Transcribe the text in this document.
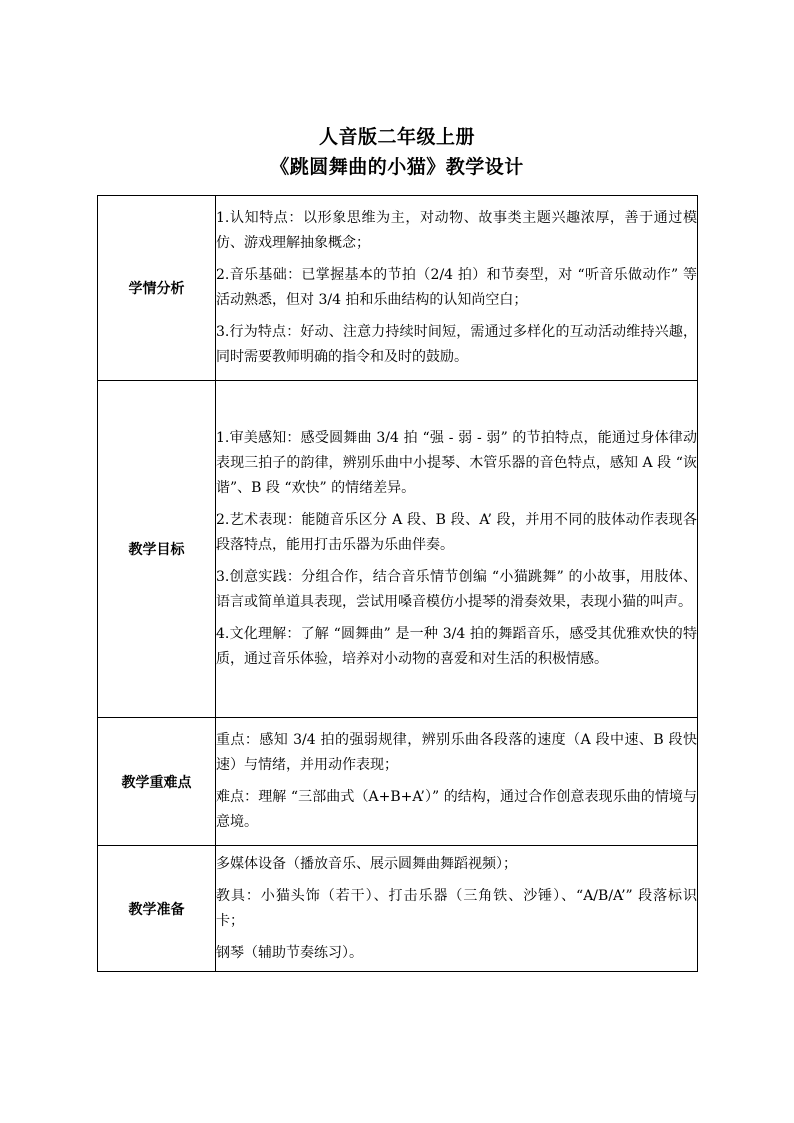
人音版二年级上册
《跳圆舞曲的小猫》教学设计
学情分析	1.认知特点：以形象思维为主，对动物、故事类主题兴趣浓厚，善于通过模仿、游戏理解抽象概念；

2.音乐基础：已掌握基本的节拍（2/4 拍）和节奏型，对 “听音乐做动作” 等活动熟悉，但对 3/4 拍和乐曲结构的认知尚空白；

3.行为特点：好动、注意力持续时间短，需通过多样化的互动活动维持兴趣，同时需要教师明确的指令和及时的鼓励。

教学目标	1.审美感知：感受圆舞曲 3/4 拍 “强 - 弱 - 弱” 的节拍特点，能通过身体律动表现三拍子的韵律，辨别乐曲中小提琴、木管乐器的音色特点，感知 A 段 “诙谐”、B 段 “欢快” 的情绪差异。

2.艺术表现：能随音乐区分 A 段、B 段、A’ 段，并用不同的肢体动作表现各段落特点，能用打击乐器为乐曲伴奏。

3.创意实践：分组合作，结合音乐情节创编 “小猫跳舞” 的小故事，用肢体、语言或简单道具表现，尝试用嗓音模仿小提琴的滑奏效果，表现小猫的叫声。

4.文化理解：了解 “圆舞曲” 是一种 3/4 拍的舞蹈音乐，感受其优雅欢快的特质，通过音乐体验，培养对小动物的喜爱和对生活的积极情感。

教学重难点	重点：感知 3/4 拍的强弱规律，辨别乐曲各段落的速度（A 段中速、B 段快速）与情绪，并用动作表现；

难点：理解 “三部曲式（A+B+A’）” 的结构，通过合作创意表现乐曲的情境与意境。

教学准备	多媒体设备（播放音乐、展示圆舞曲舞蹈视频）；

教具：小猫头饰（若干）、打击乐器（三角铁、沙锤）、“A/B/A’” 段落标识卡；

钢琴（辅助节奏练习）。
